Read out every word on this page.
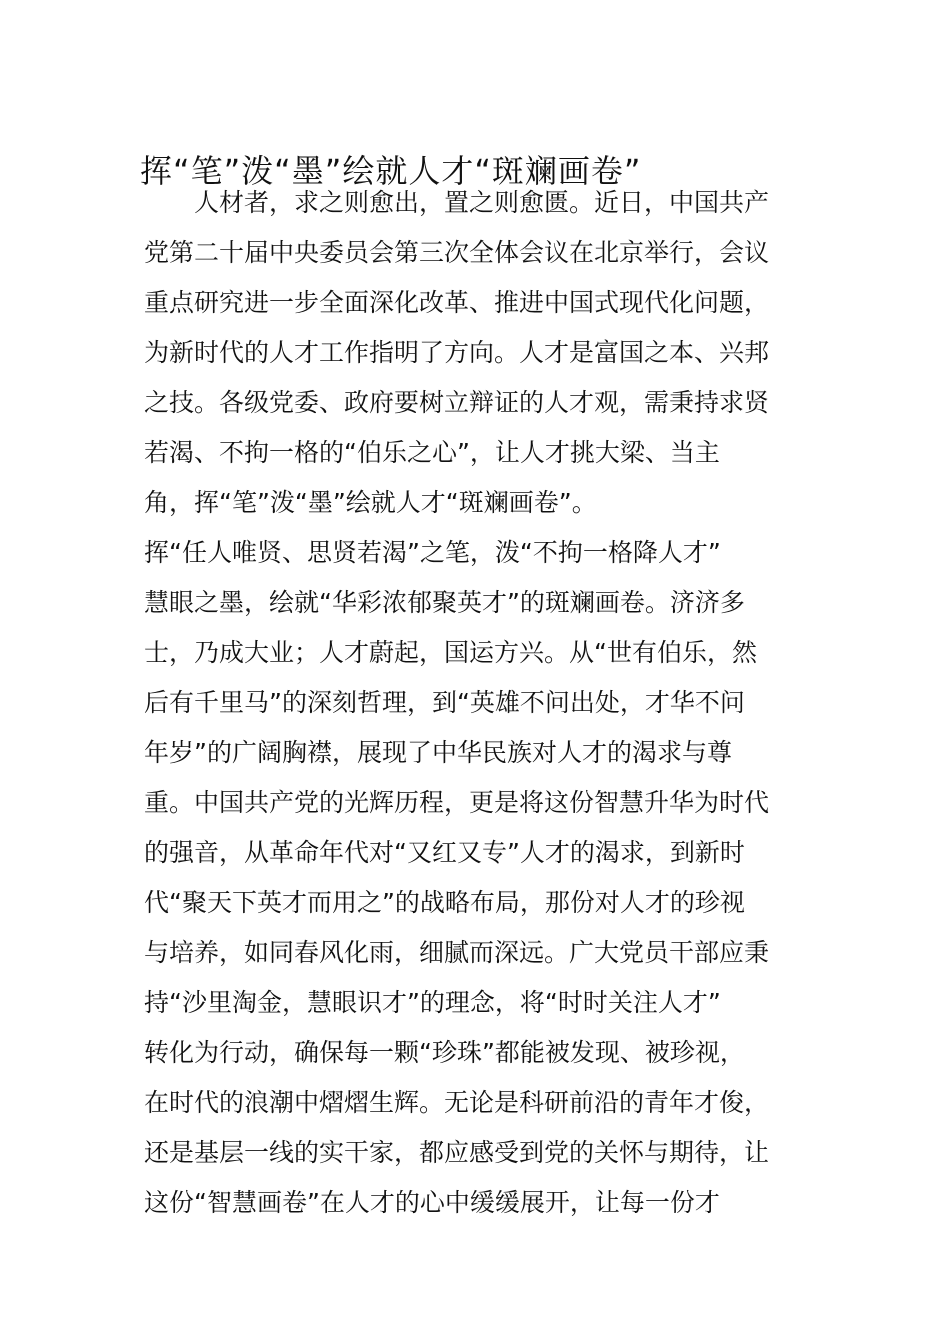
挥“笔”泼“墨”绘就人才“斑斓画卷”
　　人材者，求之则愈出，置之则愈匮。近日，中国共产
党第二十届中央委员会第三次全体会议在北京举行，会议
重点研究进一步全面深化改革、推进中国式现代化问题，
为新时代的人才工作指明了方向。人才是富国之本、兴邦
之技。各级党委、政府要树立辩证的人才观，需秉持求贤
若渴、不拘一格的“伯乐之心”，让人才挑大梁、当主
角，挥“笔”泼“墨”绘就人才“斑斓画卷”。
挥“任人唯贤、思贤若渴”之笔，泼“不拘一格降人才”
慧眼之墨，绘就“华彩浓郁聚英才”的斑斓画卷。济济多
士，乃成大业；人才蔚起，国运方兴。从“世有伯乐，然
后有千里马”的深刻哲理，到“英雄不问出处，才华不问
年岁”的广阔胸襟，展现了中华民族对人才的渴求与尊
重。中国共产党的光辉历程，更是将这份智慧升华为时代
的强音，从革命年代对“又红又专”人才的渴求，到新时
代“聚天下英才而用之”的战略布局，那份对人才的珍视
与培养，如同春风化雨，细腻而深远。广大党员干部应秉
持“沙里淘金，慧眼识才”的理念，将“时时关注人才”
转化为行动，确保每一颗“珍珠”都能被发现、被珍视，
在时代的浪潮中熠熠生辉。无论是科研前沿的青年才俊，
还是基层一线的实干家，都应感受到党的关怀与期待，让
这份“智慧画卷”在人才的心中缓缓展开，让每一份才
